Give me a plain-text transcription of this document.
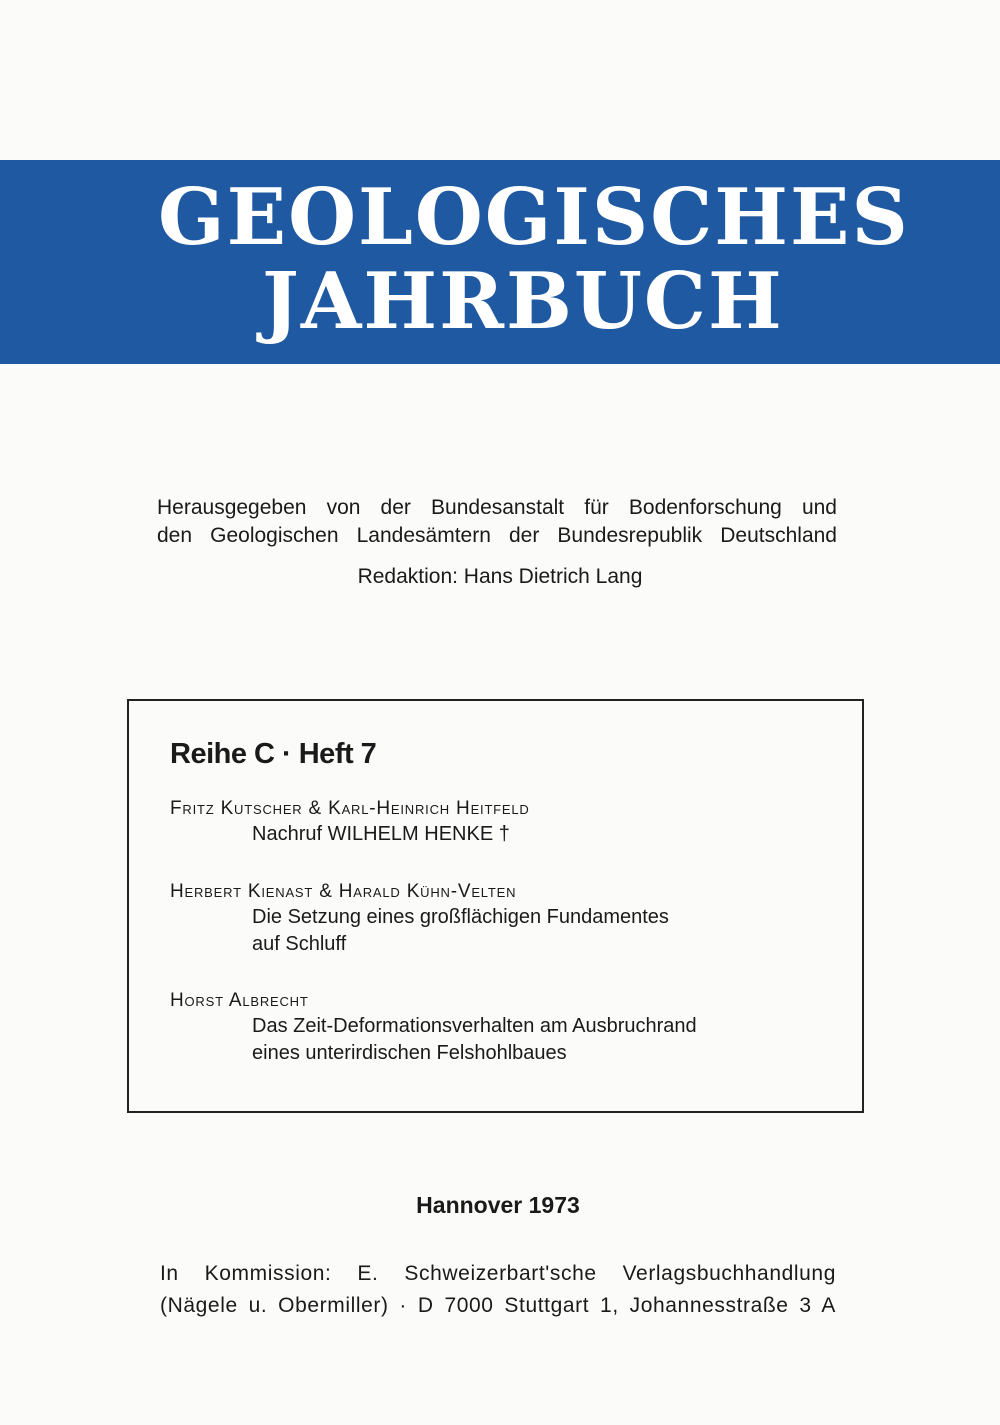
GEOLOGISCHES
JAHRBUCH
Herausgegeben von der Bundesanstalt für Bodenforschung und
den Geologischen Landesämtern der Bundesrepublik Deutschland
Redaktion: Hans Dietrich Lang
Reihe C · Heft 7
Fritz Kutscher & Karl-Heinrich Heitfeld
Nachruf WILHELM HENKE †
Herbert Kienast & Harald Kühn-Velten
Die Setzung eines großflächigen Fundamentes
auf Schluff
Horst Albrecht
Das Zeit-Deformationsverhalten am Ausbruchrand
eines unterirdischen Felshohlbaues
Hannover 1973
In Kommission: E. Schweizerbart'sche Verlagsbuchhandlung
(Nägele u. Obermiller) · D 7000 Stuttgart 1, Johannesstraße 3 A
